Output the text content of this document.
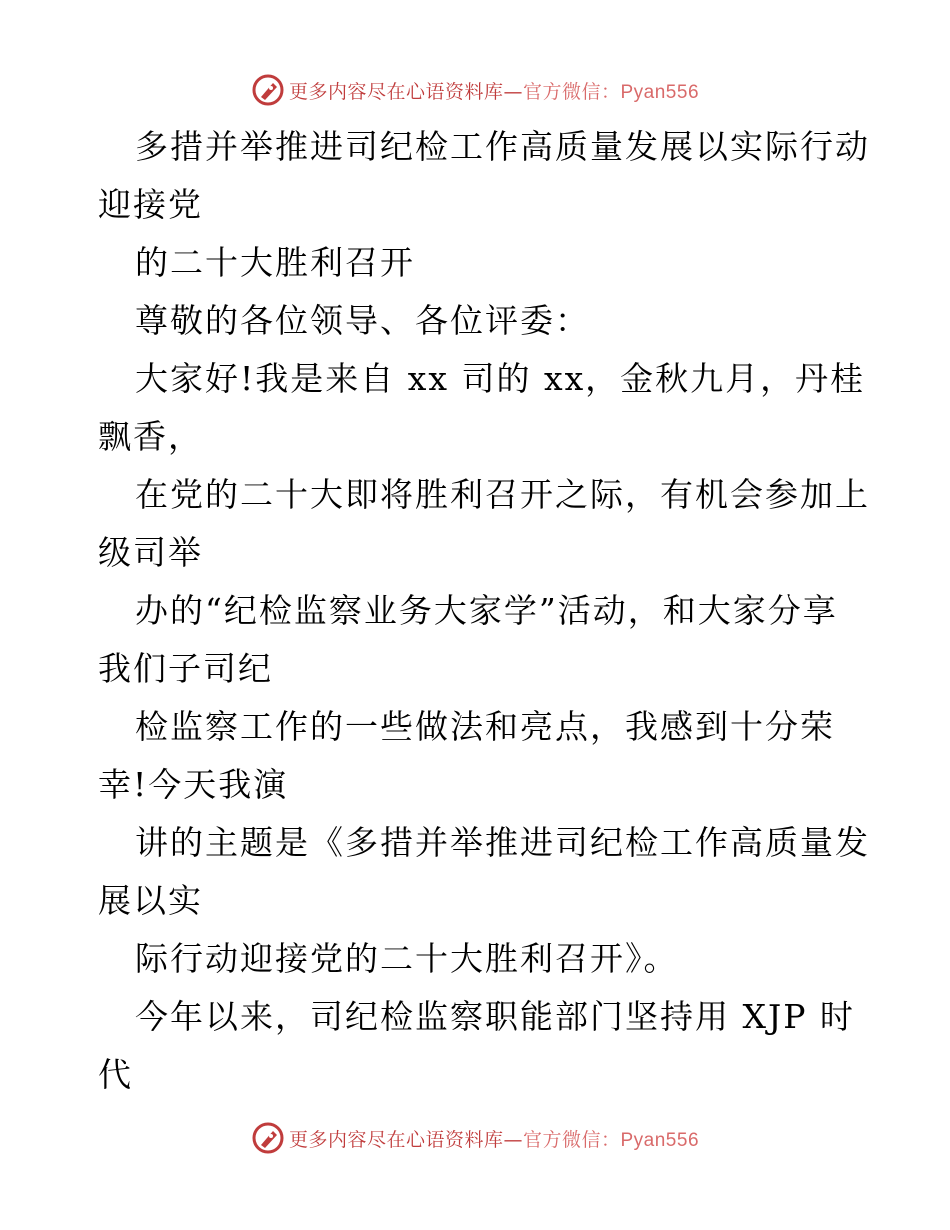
更多内容尽在心语资料库—官方微信：Pyan556
多措并举推进司纪检工作高质量发展以实际行动
迎接党
的二十大胜利召开
尊敬的各位领导、各位评委：
大家好!我是来自 xx 司的 xx，金秋九月，丹桂
飘香，
在党的二十大即将胜利召开之际，有机会参加上
级司举
办的“纪检监察业务大家学”活动，和大家分享
我们子司纪
检监察工作的一些做法和亮点，我感到十分荣
幸!今天我演
讲的主题是《多措并举推进司纪检工作高质量发
展以实
际行动迎接党的二十大胜利召开》。
今年以来，司纪检监察职能部门坚持用 XJP 时
代
更多内容尽在心语资料库—官方微信：Pyan556
